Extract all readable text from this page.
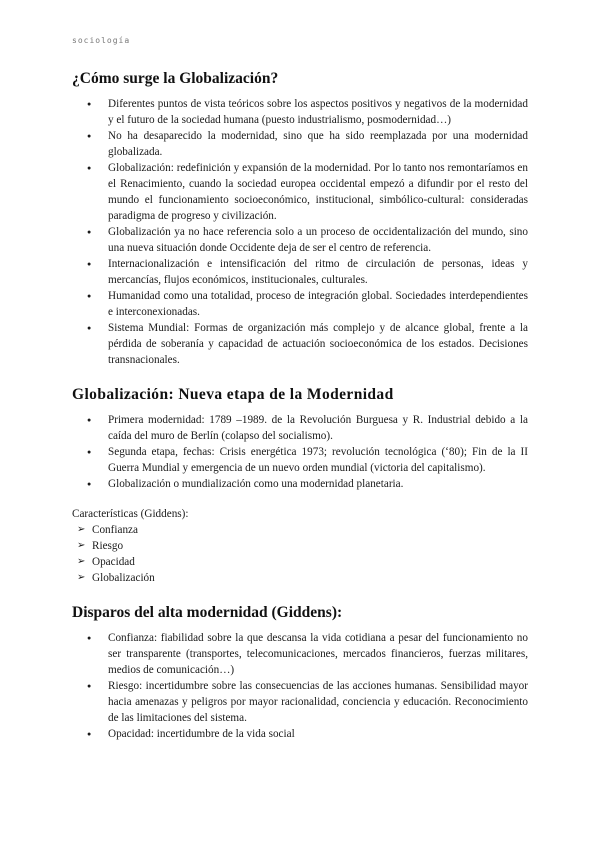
sociología
¿Cómo surge la Globalización?
● Diferentes puntos de vista teóricos sobre los aspectos positivos y negativos de la modernidad y el futuro de la sociedad humana (puesto industrialismo, posmodernidad…)
● No ha desaparecido la modernidad, sino que ha sido reemplazada por una modernidad globalizada.
● Globalización: redefinición y expansión de la modernidad. Por lo tanto nos remontaríamos en el Renacimiento, cuando la sociedad europea occidental empezó a difundir por el resto del mundo el funcionamiento socioeconómico, institucional, simbólico-cultural: consideradas paradigma de progreso y civilización.
● Globalización ya no hace referencia solo a un proceso de occidentalización del mundo, sino una nueva situación donde Occidente deja de ser el centro de referencia.
● Internacionalización e intensificación del ritmo de circulación de personas, ideas y mercancías, flujos económicos, institucionales, culturales.
● Humanidad como una totalidad, proceso de integración global. Sociedades interdependientes e interconexionadas.
● Sistema Mundial: Formas de organización más complejo y de alcance global, frente a la pérdida de soberanía y capacidad de actuación socioeconómica de los estados. Decisiones transnacionales.
Globalización: Nueva etapa de la Modernidad
● Primera modernidad: 1789 –1989. de la Revolución Burguesa y R. Industrial debido a la caída del muro de Berlín (colapso del socialismo).
● Segunda etapa, fechas: Crisis energética 1973; revolución tecnológica (‘80); Fin de la II Guerra Mundial y emergencia de un nuevo orden mundial (victoria del capitalismo).
● Globalización o mundialización como una modernidad planetaria.

Características (Giddens):

➢ Confianza
➢ Riesgo
➢ Opacidad
➢ Globalización
Disparos del alta modernidad (Giddens):
● Confianza: fiabilidad sobre la que descansa la vida cotidiana a pesar del funcionamiento no ser transparente (transportes, telecomunicaciones, mercados financieros, fuerzas militares, medios de comunicación…)
● Riesgo: incertidumbre sobre las consecuencias de las acciones humanas. Sensibilidad mayor hacia amenazas y peligros por mayor racionalidad, conciencia y educación. Reconocimiento de las limitaciones del sistema.
● Opacidad: incertidumbre de la vida social
